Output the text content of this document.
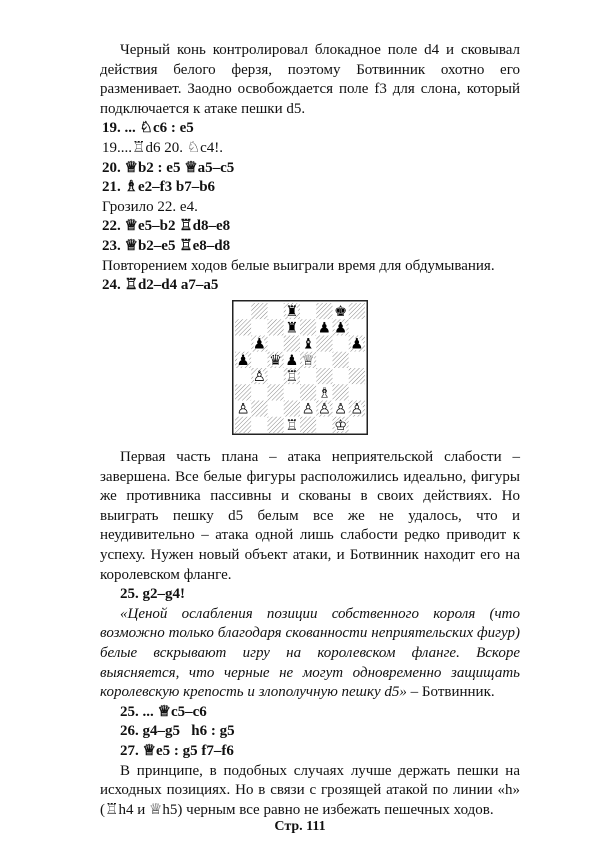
Черный конь контролировал блокадное поле d4 и сковывал действия белого ферзя, поэтому Ботвинник охотно его разменивает. Заодно освобождается поле f3 для слона, который подключается к атаке пешки d5.

19. ... ♘c6 : e5

19....♖d6 20. ♘c4!.

20. ♕b2 : e5 ♕a5–c5

21. ♗e2–f3 b7–b6

Грозило 22. e4.

22. ♕e5–b2 ♖d8–e8

23. ♕b2–e5 ♖e8–d8

Повторением ходов белые выиграли время для обдумывания.

24. ♖d2–d4 a7–a5

♜ ♚
♜ ♟ ♟
♟ ♝ ♟
♟ ♛ ♟ ♕
♙ ♖
♗
♙	♙ ♙ ♙ ♙
♖ ♔

Первая часть плана – атака неприятельской слабости – завершена. Все белые фигуры расположились идеально, фигуры же противника пассивны и скованы в своих действиях. Но выиграть пешку d5 белым все же не удалось, что и неудивительно – атака одной лишь слабости редко приводит к успеху. Нужен новый объект атаки, и Ботвинник находит его на королевском фланге.

25. g2–g4!

«Ценой ослабления позиции собственного короля (что возможно только благодаря скованности неприятельских фигур) белые вскрывают игру на королевском фланге. Вскоре выясняется, что черные не могут одновременно защищать королевскую крепость и злополучную пешку d5» – Ботвинник.

25. ... ♕c5–c6

26. g4–g5   h6 : g5

27. ♕e5 : g5 f7–f6

В принципе, в подобных случаях лучше держать пешки на исходных позициях. Но в связи с грозящей атакой по линии «h» (♖h4 и ♕h5) черным все равно не избежать пешечных ходов.

Стр. 111
